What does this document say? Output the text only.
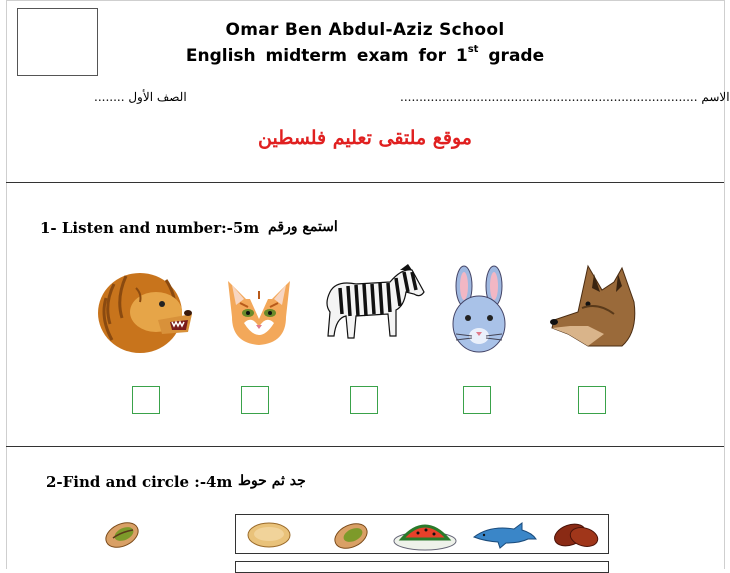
Omar Ben Abdul-Aziz School
English midterm exam for 1st grade
الصف الأول ........	الاسم ..............................................................................
موقع ملتقى تعليم فلسطين
1- Listen and number:-5m استمع ورقم
2-Find and circle :-4m جد ثم حوط
